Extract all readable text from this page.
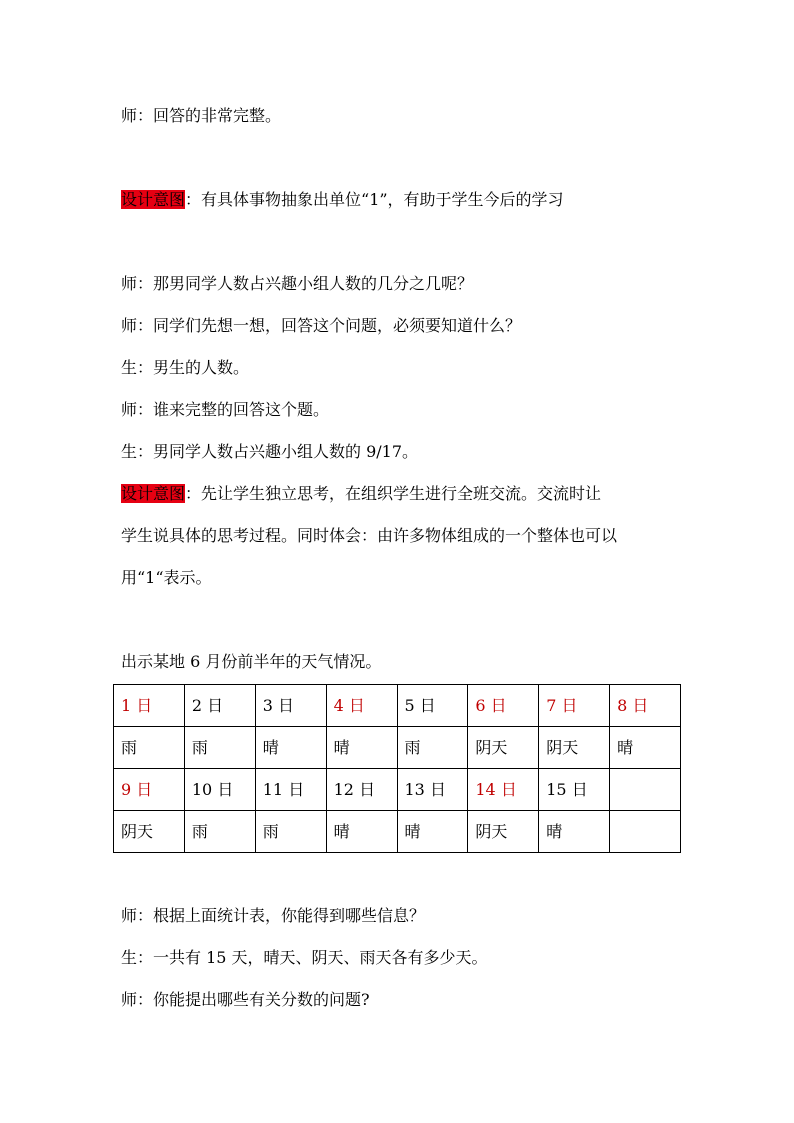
师：回答的非常完整。
设计意图：有具体事物抽象出单位“1”，有助于学生今后的学习
师：那男同学人数占兴趣小组人数的几分之几呢？
师：同学们先想一想，回答这个问题，必须要知道什么？
生：男生的人数。
师：谁来完整的回答这个题。
生：男同学人数占兴趣小组人数的 9/17。
设计意图：先让学生独立思考，在组织学生进行全班交流。交流时让
学生说具体的思考过程。同时体会：由许多物体组成的一个整体也可以
用“1“表示。
出示某地 6 月份前半年的天气情况。
1 日	2 日	3 日	4 日	5 日	6 日	7 日	8 日
雨	雨	晴	晴	雨	阴天	阴天	晴
9 日	10 日	11 日	12 日	13 日	14 日	15 日	
阴天	雨	雨	晴	晴	阴天	晴	
师：根据上面统计表，你能得到哪些信息？
生：一共有 15 天，晴天、阴天、雨天各有多少天。
师：你能提出哪些有关分数的问题?
